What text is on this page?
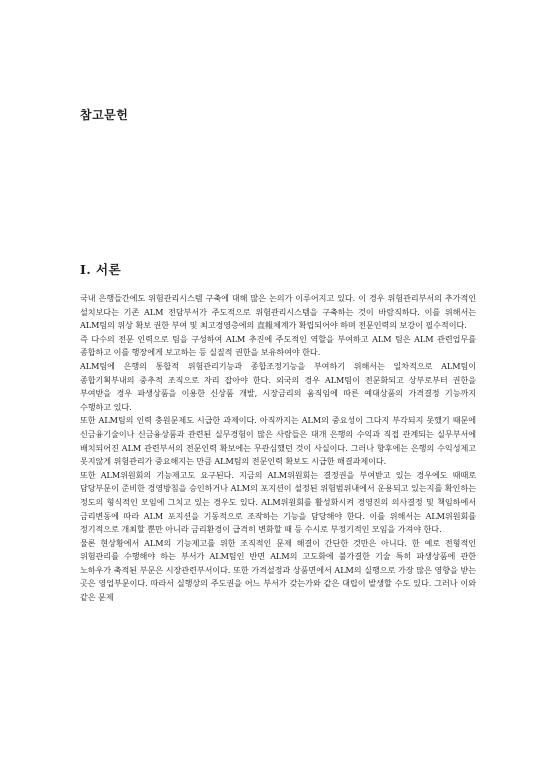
참고문헌
Ⅰ. 서론

국내 은행들간에도 위험관리시스템 구축에 대해 많은 논의가 이루어지고 있다. 이 경우 위험관리부서의 추가적인 설치보다는 기존 ALM 전담부서가 주도적으로 위험관리시스템을 구축하는 것이 바람직하다. 이를 위해서는 ALM팀의 위상 확보 권한 부여 및 최고경영층에의 直報체계가 확립되어야 하며 전문인력의 보강이 필수적이다.

즉 다수의 전문 인력으로 팀을 구성하여 ALM 추진에 주도적인 역할을 부여하고 ALM 팀은 ALM 관련업무를 종합하고 이를 행장에게 보고하는 등 실질적 권한을 보유하여야 한다.

ALM팀에 은행의 통합적 위험관리기능과 종합조정기능을 부여하기 위해서는 일차적으로 ALM팀이 종합기획부내의 중추적 조직으로 자리 잡아야 한다. 외국의 경우 ALM팀이 전문화되고 상부로부터 권한을 부여받을 경우 파생상품을 이용한 신상품 개발, 시장금리의 움직임에 따른 예대상품의 가격결정 기능까지 수행하고 있다.

또한 ALM팀의 인력 충원문제도 시급한 과제이다. 아직까지는 ALM의 중요성이 그다지 부각되지 못했기 때문에 신금융기술이나 신금융상품과 관련된 실무경험이 많은 사람들은 대개 은행의 수익과 직접 관계되는 실무부서에 배치되어진 ALM 관련부서의 전문인력 확보에는 무관심했던 것이 사실이다. 그러나 향후에는 은행의 수익성제고 못지않게 위험관리가 중요해지는 만큼 ALM팀의 전문인력 확보도 시급한 해결과제이다.

또한 ALM위원회의 기능제고도 요구된다. 지금의 ALM위원회는 결정권을 부여받고 있는 경우에도 때때로 담당부문이 준비한 경영방침을 승인하거나 ALM의 포지션이 설정된 위험범위내에서 운용되고 있는지를 확인하는 정도의 형식적인 모임에 그치고 있는 경우도 있다. ALM위원회를 활성화시켜 경영진의 의사결정 및 책임하에서 금리변동에 따라 ALM 포지션을 기동적으로 조작하는 기능을 담당해야 한다. 이를 위해서는 ALM위원회를 정기적으로 개최할 뿐만 아니라 금리환경이 급격히 변화할 때 등 수시로 부정기적인 모임을 가져야 한다.

물론 현상황에서 ALM의 기능제고를 위한 조직적인 문제 해결이 간단한 것만은 아니다. 한 예로 전형적인 위험관리를 수행해야 하는 부서가 ALM팀인 반면 ALM의 고도화에 불가결한 기술 특히 파생상품에 관한 노하우가 축적된 부문은 시장관련부서이다. 또한 가격설정과 상품면에서 ALM의 실행으로 가장 많은 영향을 받는 곳은 영업부문이다. 따라서 실행상의 주도권을 어느 부서가 갖는가와 같은 대립이 발생할 수도 있다. 그러나 이와 같은 문제
